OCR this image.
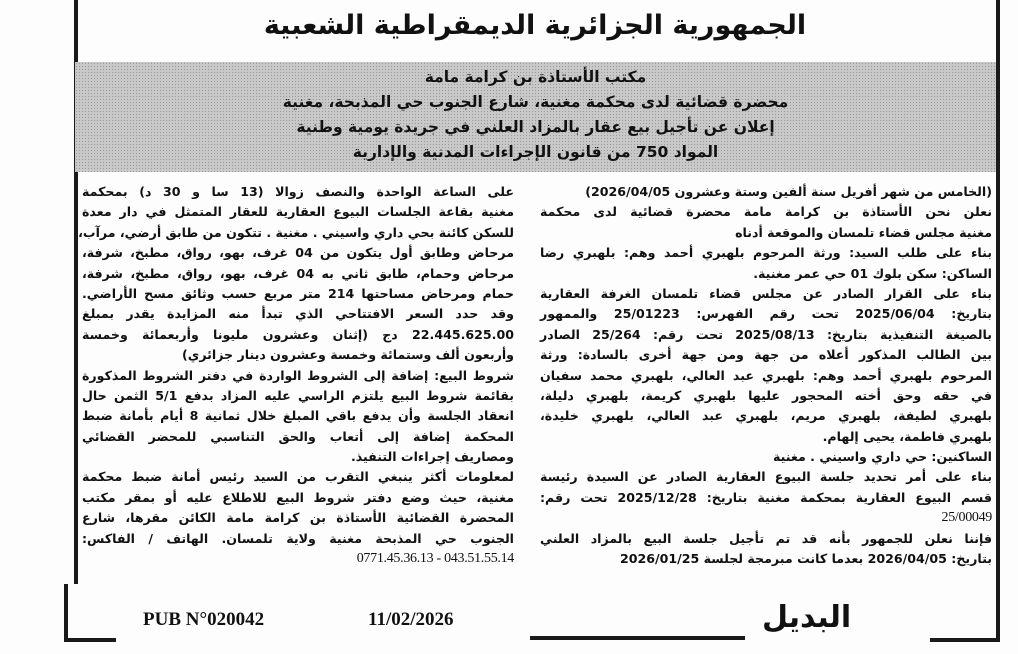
الجمهورية الجزائرية الديمقراطية الشعبية
مكتب الأستاذة بن كرامة مامة
محضرة قضائية لدى محكمة مغنية، شارع الجنوب حي المذبحة، مغنية
إعلان عن تأجيل بيع عقار بالمزاد العلني في جريدة يومية وطنية
المواد 750 من قانون الإجراءات المدنية والإدارية
(الخامس من شهر أفريل سنة ألفين وستة وعشرون 2026/04/05)
نعلن نحن الأستاذة بن كرامة مامة محضرة قضائية لدى محكمة
مغنية مجلس قضاء تلمسان والموقعة أدناه
بناء على طلب السيد: ورثة المرحوم بلهبري أحمد وهم: بلهبري رضا
الساكن: سكن بلوك 01 حي عمر مغنية.
بناء على القرار الصادر عن مجلس قضاء تلمسان الغرفة العقارية
بتاريخ: 2025/06/04 تحت رقم الفهرس: 25/01223 والممهور
بالصيغة التنفيذية بتاريخ: 2025/08/13 تحت رقم: 25/264 الصادر
بين الطالب المذكور أعلاه من جهة ومن جهة أخرى بالسادة: ورثة
المرحوم بلهبري أحمد وهم: بلهبري عبد العالي، بلهبري محمد سفيان
في حقه وحق أخته المحجور عليها بلهبري كريمة، بلهبري دليلة،
بلهبري لطيفة، بلهبري مريم، بلهبري عبد العالي، بلهبري خليدة،
بلهبري فاطمة، يحيى إلهام.
الساكنين: حي داري واسيني . مغنية
بناء على أمر تحديد جلسة البيوع العقارية الصادر عن السيدة رئيسة
قسم البيوع العقارية بمحكمة مغنية بتاريخ: 2025/12/28 تحت رقم:
25/00049
فإننا نعلن للجمهور بأنه قد تم تأجيل جلسة البيع بالمزاد العلني
بتاريخ: 2026/04/05 بعدما كانت مبرمجة لجلسة 2026/01/25
على الساعة الواحدة والنصف زوالا (13 سا و 30 د) بمحكمة
مغنية بقاعة الجلسات البيوع العقارية للعقار المتمثل في دار معدة
للسكن كائنة بحي داري واسيني . مغنية . تتكون من طابق أرضي، مرآب،
مرحاض وطابق أول يتكون من 04 غرف، بهو، رواق، مطبخ، شرفة،
مرحاض وحمام، طابق ثاني به 04 غرف، بهو، رواق، مطبخ، شرفة،
حمام ومرحاض مساحتها 214 متر مربع حسب وثائق مسح الأراضي.
وقد حدد السعر الافتتاحي الذي تبدأ منه المزايدة يقدر بمبلغ
22.445.625.00 دج (إثنان وعشرون مليونا وأربعمائة وخمسة
وأربعون ألف وستمائة وخمسة وعشرون دينار جزائري)
شروط البيع: إضافة إلى الشروط الواردة في دفتر الشروط المذكورة
بقائمة شروط البيع يلتزم الراسي عليه المزاد بدفع 5/1 الثمن حال
انعقاد الجلسة وأن يدفع باقي المبلغ خلال ثمانية 8 أيام بأمانة ضبط
المحكمة إضافة إلى أتعاب والحق التناسبي للمحضر القضائي
ومصاريف إجراءات التنفيذ.
لمعلومات أكثر ينبغي التقرب من السيد رئيس أمانة ضبط محكمة
مغنية، حيث وضع دفتر شروط البيع للاطلاع عليه أو بمقر مكتب
المحضرة القضائية الأستاذة بن كرامة مامة الكائن مقرها، شارع
الجنوب حي المذبحة مغنية ولاية تلمسان. الهاتف / الفاكس:
043.51.55.14 - 0771.45.36.13
PUB N°020042	11/02/2026	البديل
